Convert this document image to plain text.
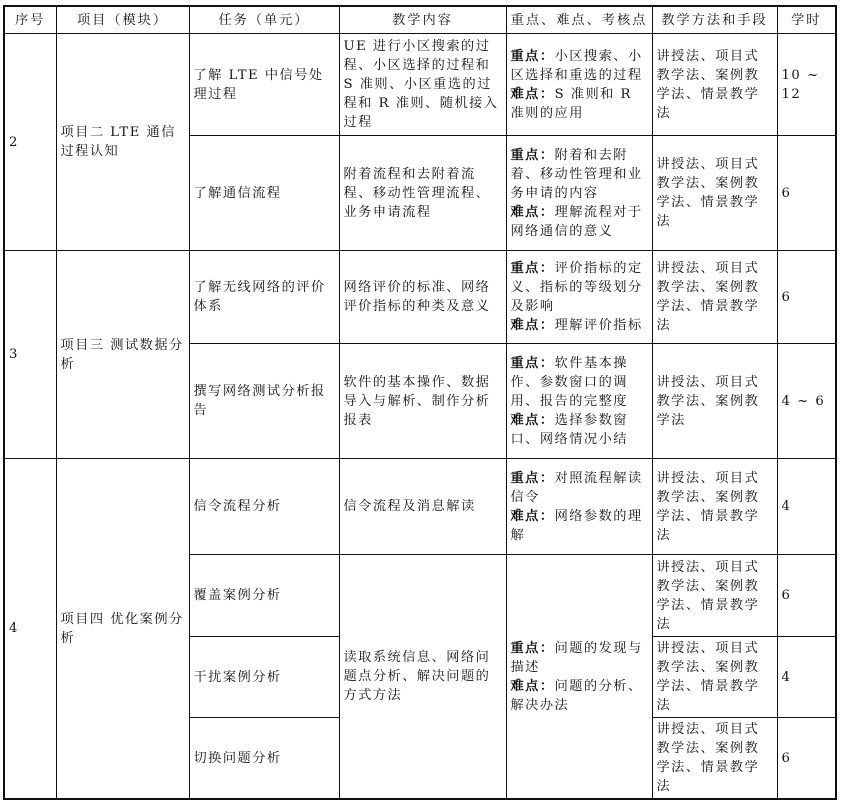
序号	项目（模块）	任务（单元）	教学内容	重点、难点、考核点	教学方法和手段	学时
2	项目二 LTE 通信过程认知	了解 LTE 中信号处理过程	UE 进行小区搜索的过程、小区选择的过程和 S 准则、小区重选的过程和 R 准则、随机接入过程	重点：小区搜索、小区选择和重选的过程
难点：S 准则和 R 准则的应用	讲授法、项目式教学法、案例教学法、情景教学法	10 ~ 12
		了解通信流程	附着流程和去附着流程、移动性管理流程、业务申请流程	重点：附着和去附着、移动性管理和业务申请的内容
难点：理解流程对于网络通信的意义	讲授法、项目式教学法、案例教学法、情景教学法	6
3	项目三 测试数据分析	了解无线网络的评价体系	网络评价的标准、网络评价指标的种类及意义	重点：评价指标的定义、指标的等级划分及影响
难点：理解评价指标	讲授法、项目式教学法、案例教学法、情景教学法	6
		撰写网络测试分析报告	软件的基本操作、数据导入与解析、制作分析报表	重点：软件基本操作、参数窗口的调用、报告的完整度
难点：选择参数窗口、网络情况小结	讲授法、项目式教学法、案例教学法	4 ~ 6
4	项目四 优化案例分析	信令流程分析	信令流程及消息解读	重点：对照流程解读信令
难点：网络参数的理解	讲授法、项目式教学法、案例教学法、情景教学法	4
		覆盖案例分析	读取系统信息、网络问题点分析、解决问题的方式方法	重点：问题的发现与描述
难点：问题的分析、解决办法	讲授法、项目式教学法、案例教学法、情景教学法	6
		干扰案例分析			讲授法、项目式教学法、案例教学法、情景教学法	4
		切换问题分析			讲授法、项目式教学法、案例教学法、情景教学法	6
